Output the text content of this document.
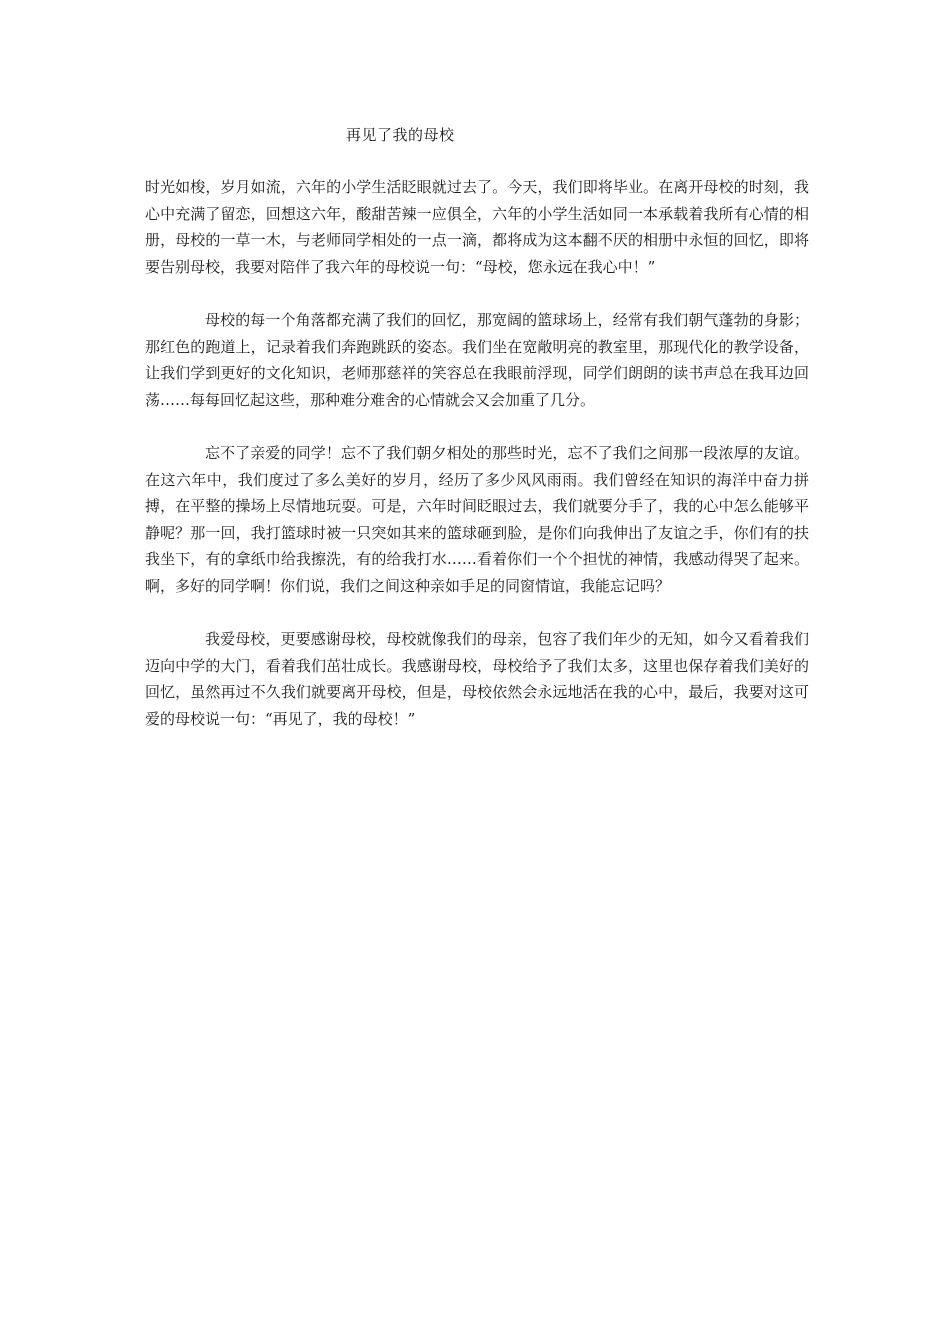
再见了我的母校

时光如梭，岁月如流，六年的小学生活眨眼就过去了。今天，我们即将毕业。在离开母校的时刻，我心中充满了留恋，回想这六年，酸甜苦辣一应俱全，六年的小学生活如同一本承载着我所有心情的相册，母校的一草一木，与老师同学相处的一点一滴，都将成为这本翻不厌的相册中永恒的回忆，即将要告别母校，我要对陪伴了我六年的母校说一句：“母校，您永远在我心中！”

母校的每一个角落都充满了我们的回忆，那宽阔的篮球场上，经常有我们朝气蓬勃的身影；那红色的跑道上，记录着我们奔跑跳跃的姿态。我们坐在宽敞明亮的教室里，那现代化的教学设备，让我们学到更好的文化知识，老师那慈祥的笑容总在我眼前浮现，同学们朗朗的读书声总在我耳边回荡……每每回忆起这些，那种难分难舍的心情就会又会加重了几分。

忘不了亲爱的同学！忘不了我们朝夕相处的那些时光，忘不了我们之间那一段浓厚的友谊。在这六年中，我们度过了多么美好的岁月，经历了多少风风雨雨。我们曾经在知识的海洋中奋力拼搏，在平整的操场上尽情地玩耍。可是，六年时间眨眼过去，我们就要分手了，我的心中怎么能够平静呢？那一回，我打篮球时被一只突如其来的篮球砸到脸，是你们向我伸出了友谊之手，你们有的扶我坐下，有的拿纸巾给我擦洗，有的给我打水……看着你们一个个担忧的神情，我感动得哭了起来。啊，多好的同学啊！你们说，我们之间这种亲如手足的同窗情谊，我能忘记吗？

我爱母校，更要感谢母校，母校就像我们的母亲，包容了我们年少的无知，如今又看着我们迈向中学的大门，看着我们茁壮成长。我感谢母校，母校给予了我们太多，这里也保存着我们美好的回忆，虽然再过不久我们就要离开母校，但是，母校依然会永远地活在我的心中，最后，我要对这可爱的母校说一句：“再见了，我的母校！”
